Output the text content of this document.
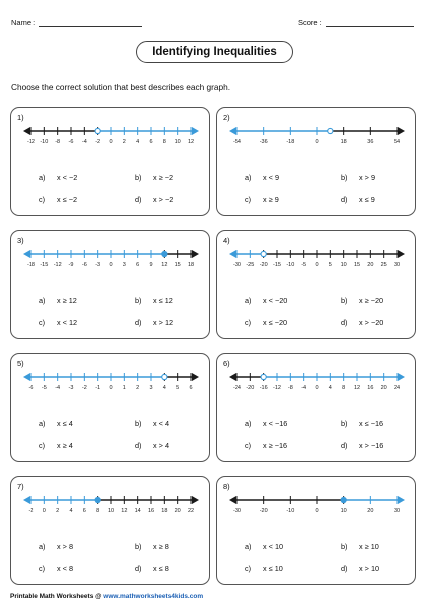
Name :	Score :
Identifying Inequalities
Choose the correct solution that best describes each graph.
1)
-12 -10 -8 -6 -4 -2 0 2 4 6 8 10 12
a) x < −2	b) x ≥ −2
c) x ≤ −2	d) x > −2
2)
-54	-36	-18	0	18	36	54
a) x < 9	b) x > 9
c) x ≥ 9	d) x ≤ 9
3)
-18 -15 -12 -9 -6 -3 0 3 6 9 12 15 18
a) x ≥ 12	b) x ≤ 12
c) x < 12	d) x > 12
4)
-30 -25 -20 -15 -10 -5 0 5 10 15 20 25 30
a) x < −20	b) x ≥ −20
c) x ≤ −20	d) x > −20
5)
-6 -5 -4 -3 -2 -1 0 1 2 3 4 5 6
a) x ≤ 4	b) x < 4
c) x ≥ 4	d) x > 4
6)
-24 -20 -16 -12 -8 -4 0 4 8 12 16 20 24
a) x < −16	b) x ≤ −16
c) x ≥ −16	d) x > −16
7)
-2 0 2 4 6 8 10 12 14 16 18 20 22
a) x > 8	b) x ≥ 8
c) x < 8	d) x ≤ 8
8)
-30	-20	-10	0	10	20	30
a) x < 10	b) x ≥ 10
c) x ≤ 10	d) x > 10
Printable Math Worksheets @ www.mathworksheets4kids.com
